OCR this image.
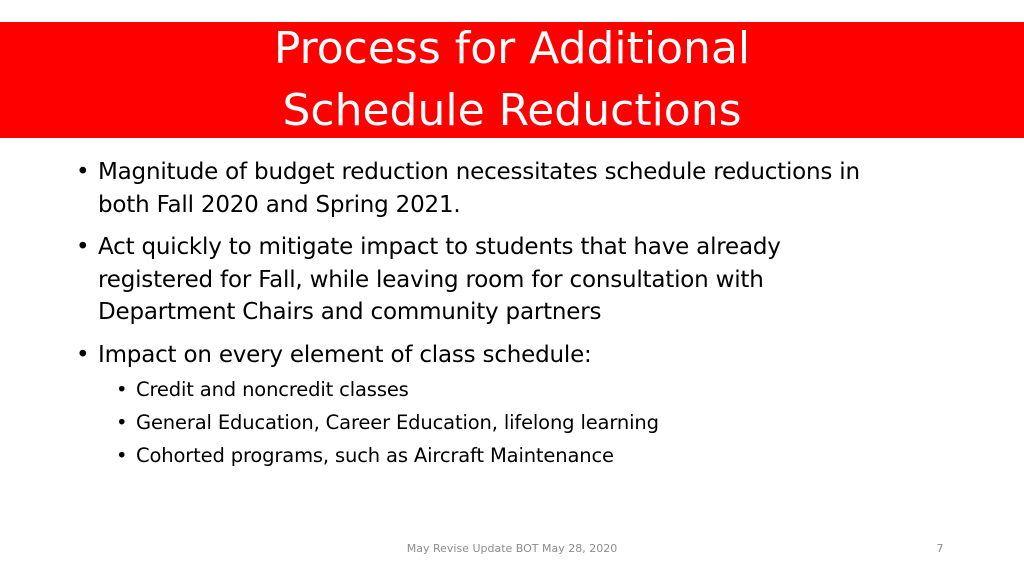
Process for Additional
Schedule Reductions
• Magnitude of budget reduction necessitates schedule reductions in
both Fall 2020 and Spring 2021.
• Act quickly to mitigate impact to students that have already
registered for Fall, while leaving room for consultation with
Department Chairs and community partners
• Impact on every element of class schedule:
• Credit and noncredit classes
• General Education, Career Education, lifelong learning
• Cohorted programs, such as Aircraft Maintenance
May Revise Update BOT May 28, 2020	7
